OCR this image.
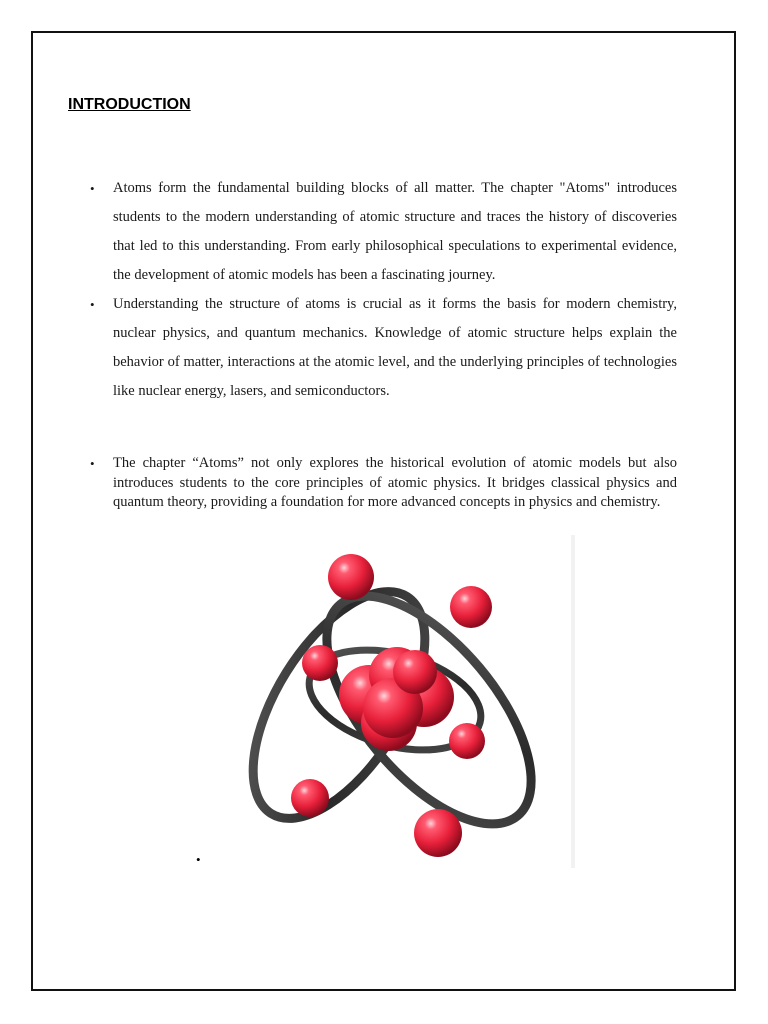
INTRODUCTION
• Atoms form the fundamental building blocks of all matter. The chapter "Atoms" introduces students to the modern understanding of atomic structure and traces the history of discoveries that led to this understanding. From early philosophical speculations to experimental evidence, the development of atomic models has been a fascinating journey.
• Understanding the structure of atoms is crucial as it forms the basis for modern chemistry, nuclear physics, and quantum mechanics. Knowledge of atomic structure helps explain the behavior of matter, interactions at the atomic level, and the underlying principles of technologies like nuclear energy, lasers, and semiconductors.
• The chapter “Atoms” not only explores the historical evolution of atomic models but also introduces students to the core principles of atomic physics. It bridges classical physics and quantum theory, providing a foundation for more advanced concepts in physics and chemistry.
•
